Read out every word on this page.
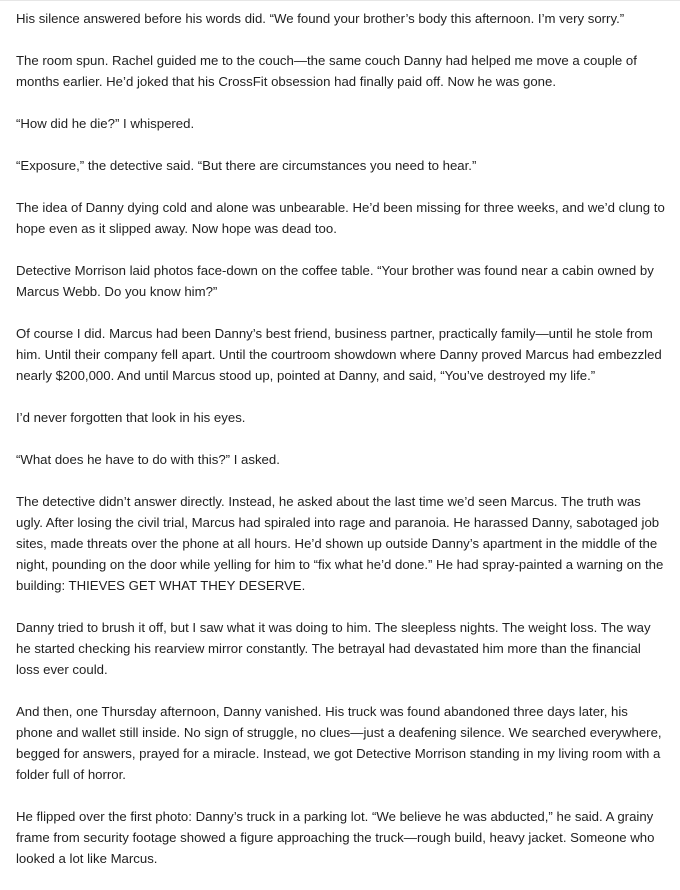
His silence answered before his words did. “We found your brother’s body this afternoon. I’m very sorry.”

The room spun. Rachel guided me to the couch—the same couch Danny had helped me move a couple of months earlier. He’d joked that his CrossFit obsession had finally paid off. Now he was gone.

“How did he die?” I whispered.

“Exposure,” the detective said. “But there are circumstances you need to hear.”

The idea of Danny dying cold and alone was unbearable. He’d been missing for three weeks, and we’d clung to hope even as it slipped away. Now hope was dead too.

Detective Morrison laid photos face-down on the coffee table. “Your brother was found near a cabin owned by Marcus Webb. Do you know him?”

Of course I did. Marcus had been Danny’s best friend, business partner, practically family—until he stole from him. Until their company fell apart. Until the courtroom showdown where Danny proved Marcus had embezzled nearly $200,000. And until Marcus stood up, pointed at Danny, and said, “You’ve destroyed my life.”

I’d never forgotten that look in his eyes.

“What does he have to do with this?” I asked.

The detective didn’t answer directly. Instead, he asked about the last time we’d seen Marcus. The truth was ugly. After losing the civil trial, Marcus had spiraled into rage and paranoia. He harassed Danny, sabotaged job sites, made threats over the phone at all hours. He’d shown up outside Danny’s apartment in the middle of the night, pounding on the door while yelling for him to “fix what he’d done.” He had spray-painted a warning on the building: THIEVES GET WHAT THEY DESERVE.

Danny tried to brush it off, but I saw what it was doing to him. The sleepless nights. The weight loss. The way he started checking his rearview mirror constantly. The betrayal had devastated him more than the financial loss ever could.

And then, one Thursday afternoon, Danny vanished. His truck was found abandoned three days later, his phone and wallet still inside. No sign of struggle, no clues—just a deafening silence. We searched everywhere, begged for answers, prayed for a miracle. Instead, we got Detective Morrison standing in my living room with a folder full of horror.

He flipped over the first photo: Danny’s truck in a parking lot. “We believe he was abducted,” he said. A grainy frame from security footage showed a figure approaching the truck—rough build, heavy jacket. Someone who looked a lot like Marcus.
